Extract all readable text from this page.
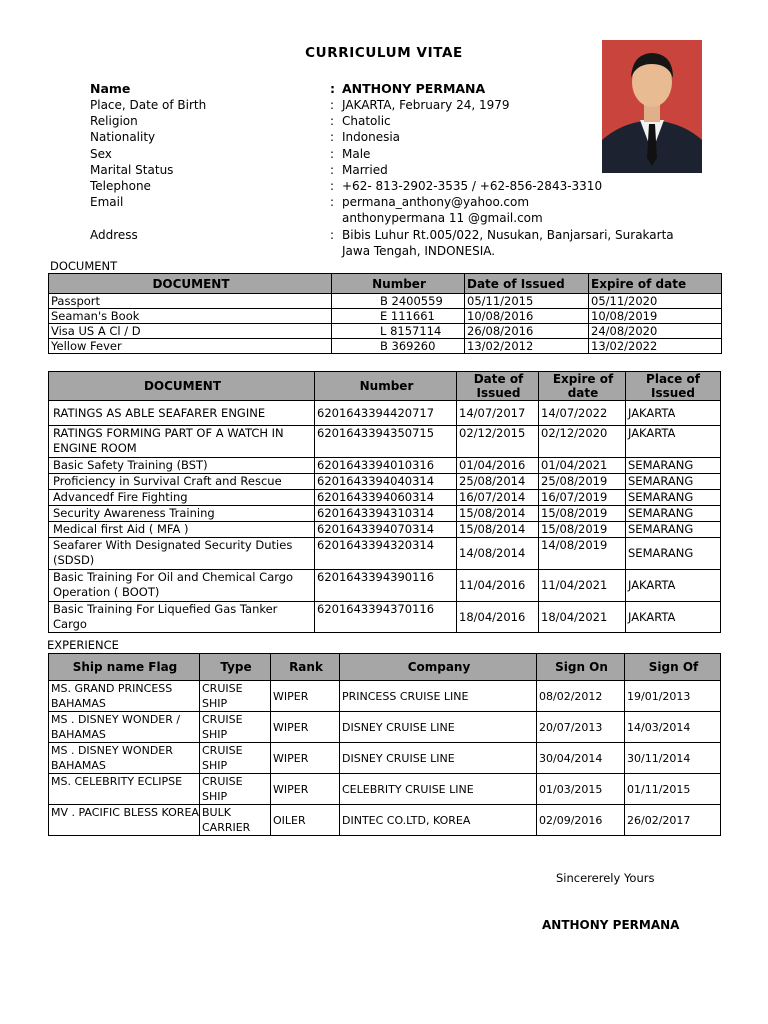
CURRICULUM VITAE
Name	: ANTHONY PERMANA
Place, Date of Birth	: JAKARTA, February 24, 1979
Religion	: Chatolic
Nationality	: Indonesia
Sex	: Male
Marital Status	: Married
Telephone	: +62- 813-2902-3535 / +62-856-2843-3310
Email	: permana_anthony@yahoo.com
anthonypermana 11 @gmail.com
Address	: Bibis Luhur Rt.005/022, Nusukan, Banjarsari, Surakarta
Jawa Tengah, INDONESIA.
DOCUMENT
DOCUMENT	Number	Date of Issued	Expire of date
Passport	B 2400559	05/11/2015	05/11/2020
Seaman's Book	E 111661	10/08/2016	10/08/2019
Visa US A Cl / D	L 8157114	26/08/2016	24/08/2020
Yellow Fever	B 369260	13/02/2012	13/02/2022
DOCUMENT	Number	Date of Issued	Expire of date	Place of Issued
RATINGS AS ABLE SEAFARER ENGINE	6201643394420717	14/07/2017	14/07/2022	JAKARTA
RATINGS FORMING PART OF A WATCH IN ENGINE ROOM	6201643394350715	02/12/2015	02/12/2020	JAKARTA
Basic Safety Training (BST)	6201643394010316	01/04/2016	01/04/2021	SEMARANG
Proficiency in Survival Craft and Rescue	6201643394040314	25/08/2014	25/08/2019	SEMARANG
Advancedf Fire Fighting	6201643394060314	16/07/2014	16/07/2019	SEMARANG
Security Awareness Training	6201643394310314	15/08/2014	15/08/2019	SEMARANG
Medical first Aid ( MFA )	6201643394070314	15/08/2014	15/08/2019	SEMARANG
Seafarer With Designated Security Duties (SDSD)	6201643394320314	14/08/2014	14/08/2019	SEMARANG
Basic Training For Oil and Chemical Cargo Operation ( BOOT)	6201643394390116	11/04/2016	11/04/2021	JAKARTA
Basic Training For Liquefied Gas Tanker Cargo	6201643394370116	18/04/2016	18/04/2021	JAKARTA
EXPERIENCE
Ship name Flag	Type	Rank	Company	Sign On	Sign Of
MS. GRAND PRINCESS BAHAMAS	CRUISE SHIP	WIPER	PRINCESS CRUISE LINE	08/02/2012	19/01/2013
MS . DISNEY WONDER / BAHAMAS	CRUISE SHIP	WIPER	DISNEY CRUISE LINE	20/07/2013	14/03/2014
MS . DISNEY WONDER BAHAMAS	CRUISE SHIP	WIPER	DISNEY CRUISE LINE	30/04/2014	30/11/2014
MS. CELEBRITY ECLIPSE	CRUISE SHIP	WIPER	CELEBRITY CRUISE LINE	01/03/2015	01/11/2015
MV . PACIFIC BLESS KOREA	BULK CARRIER	OILER	DINTEC CO.LTD, KOREA	02/09/2016	26/02/2017
Sincererely Yours
ANTHONY PERMANA
